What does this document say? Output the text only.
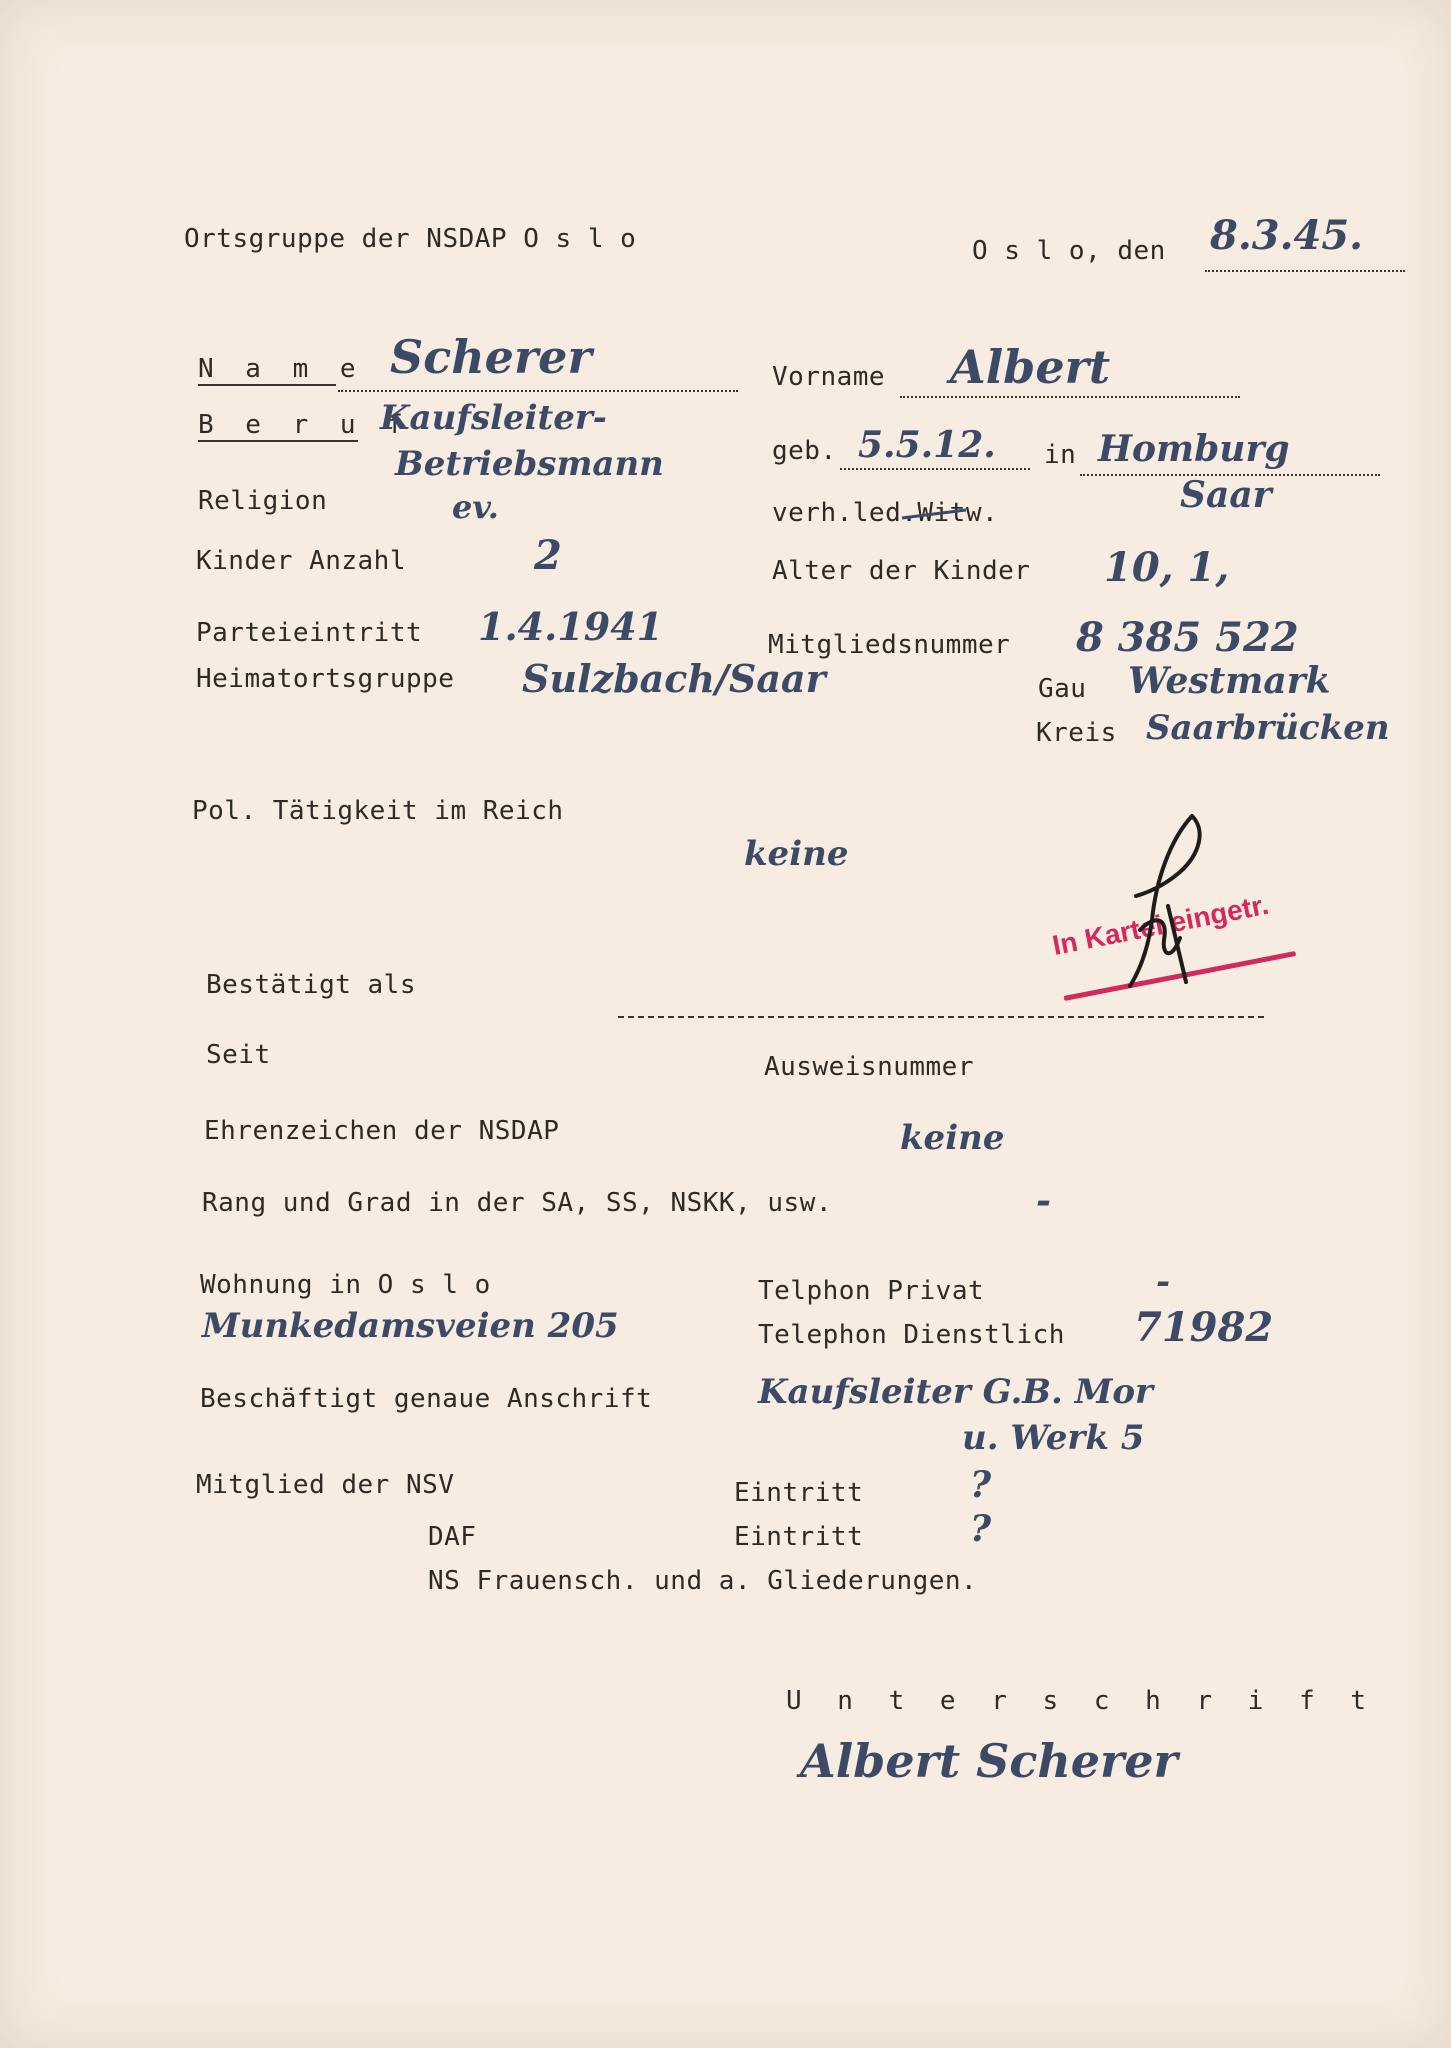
Ortsgruppe der NSDAP O s l o	O s l o, den 8.3.45.
N a m e Scherer	Vorname Albert
B e r u f
Kaufsleiter-
Betriebsmann	geb. 5.5.12. in Homburg
Saar
Religion	ev.	verh.led.Witw.
Kinder Anzahl	2	Alter der Kinder 10, 1,
Parteieintritt 1.4.1941	Mitgliedsnummer 8 385 522
Heimatortsgruppe Sulzbach/Saar	Gau Westmark
Kreis Saarbrücken
Pol. Tätigkeit im Reich
keine
In Kartei eingetr.
Bestätigt als
Seit	Ausweisnummer
Ehrenzeichen der NSDAP	keine
Rang und Grad in der SA, SS, NSKK, usw.	-
Wohnung in O s l o
Munkedamsveien 205
Telphon Privat	-
Telephon Dienstlich 71982
Beschäftigt genaue Anschrift	Kaufsleiter G.B. Mor
u. Werk 5
Mitglied der NSV	Eintritt	?
DAF	Eintritt	?
NS Frauensch. und a. Gliederungen.
U n t e r s c h r i f t
Albert Scherer
